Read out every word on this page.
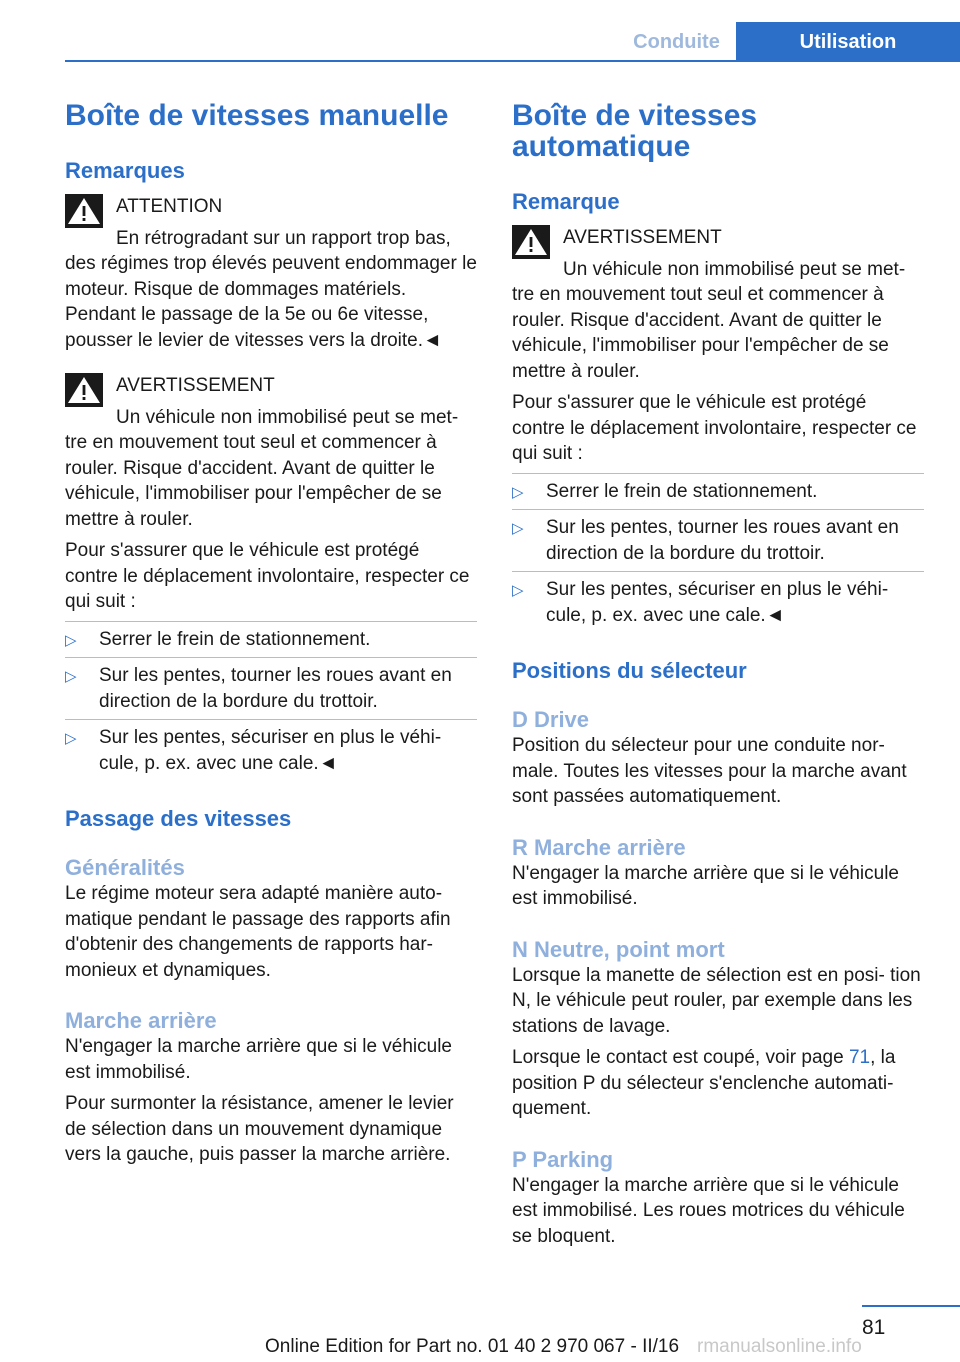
Conduite	Utilisation
Boîte de vitesses manuelle
Remarques

ATTENTION

En rétrogradant sur un rapport trop bas,

des régimes trop élevés peuvent endommager le moteur. Risque de dommages matériels. Pendant le passage de la 5e ou 6e vitesse, pousser le levier de vitesses vers la droite.◄

AVERTISSEMENT

Un véhicule non immobilisé peut se met‐

tre en mouvement tout seul et commencer à rouler. Risque d'accident. Avant de quitter le véhicule, l'immobiliser pour l'empêcher de se mettre à rouler.

Pour s'assurer que le véhicule est protégé contre le déplacement involontaire, respecter ce qui suit :

▷ Serrer le frein de stationnement.
▷ Sur les pentes, tourner les roues avant en direction de la bordure du trottoir.
▷ Sur les pentes, sécuriser en plus le véhi‐ cule, p. ex. avec une cale.◄
Passage des vitesses
Généralités

Le régime moteur sera adapté manière auto‐ matique pendant le passage des rapports afin d'obtenir des changements de rapports har‐ monieux et dynamiques.

Marche arrière

N'engager la marche arrière que si le véhicule est immobilisé.

Pour surmonter la résistance, amener le levier de sélection dans un mouvement dynamique vers la gauche, puis passer la marche arrière.

Boîte de vitesses automatique
Remarque

AVERTISSEMENT

Un véhicule non immobilisé peut se met‐

tre en mouvement tout seul et commencer à rouler. Risque d'accident. Avant de quitter le véhicule, l'immobiliser pour l'empêcher de se mettre à rouler.

Pour s'assurer que le véhicule est protégé contre le déplacement involontaire, respecter ce qui suit :

▷ Serrer le frein de stationnement.
▷ Sur les pentes, tourner les roues avant en direction de la bordure du trottoir.
▷ Sur les pentes, sécuriser en plus le véhi‐ cule, p. ex. avec une cale.◄
Positions du sélecteur
D Drive

Position du sélecteur pour une conduite nor‐ male. Toutes les vitesses pour la marche avant sont passées automatiquement.

R Marche arrière

N'engager la marche arrière que si le véhicule est immobilisé.

N Neutre, point mort

Lorsque la manette de sélection est en posi‐ tion N, le véhicule peut rouler, par exemple dans les stations de lavage.

Lorsque le contact est coupé, voir page 71, la position P du sélecteur s'enclenche automati‐ quement.

P Parking

N'engager la marche arrière que si le véhicule est immobilisé. Les roues motrices du véhicule se bloquent.

81
Online Edition for Part no. 01 40 2 970 067 - II/16 rmanualsonline.info
